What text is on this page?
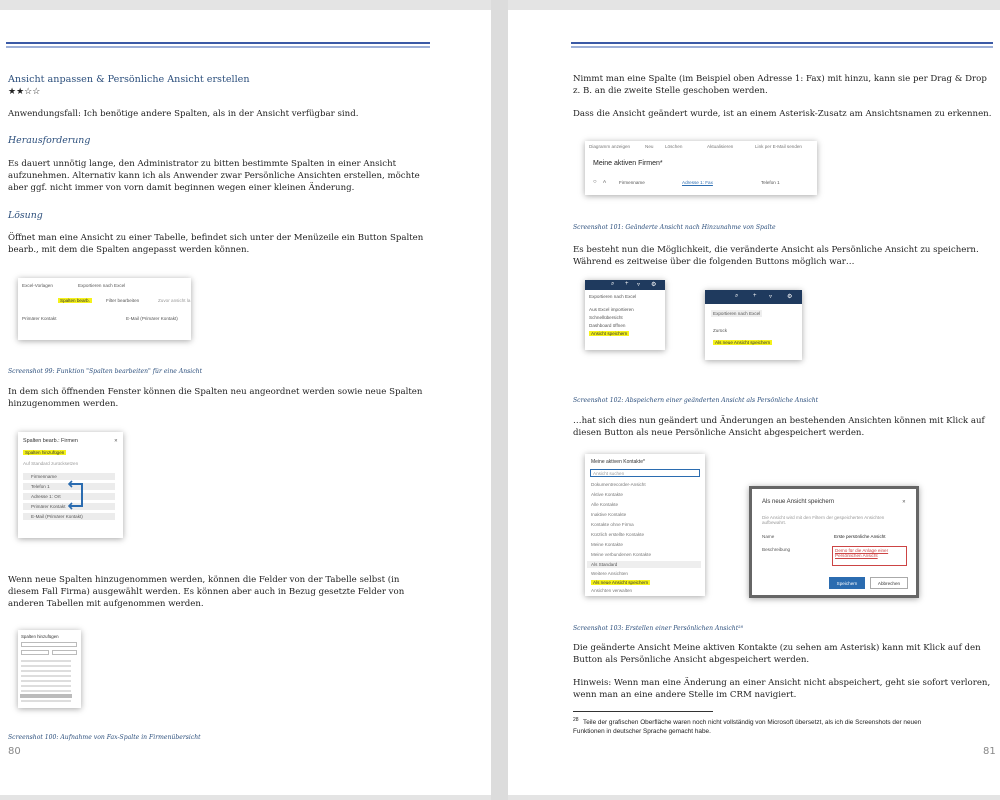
Ansicht anpassen & Persönliche Ansicht erstellen
★★☆☆
Anwendungsfall: Ich benötige andere Spalten, als in der Ansicht verfügbar sind.
Herausforderung
Es dauert unnötig lange, den Administrator zu bitten bestimmte Spalten in einer Ansicht
aufzunehmen. Alternativ kann ich als Anwender zwar Persönliche Ansichten erstellen, möchte
aber ggf. nicht immer von vorn damit beginnen wegen einer kleinen Änderung.
Lösung
Öffnet man eine Ansicht zu einer Tabelle, befindet sich unter der Menüzeile ein Button Spalten
bearb., mit dem die Spalten angepasst werden können.
Excel-Vorlagen	Exportieren nach Excel
Spalten bearb.	Filter bearbeiten	Zuvor ansicht la
Primärer Kontakt	E-Mail (Primärer Kontakt)
Screenshot 99: Funktion "Spalten bearbeiten" für eine Ansicht
In dem sich öffnenden Fenster können die Spalten neu angeordnet werden sowie neue Spalten
hinzugenommen werden.
Spalten bearb.: Firmen	✕
Spalten hinzufügen
Auf Standard zurücksetzen
Firmenname
Telefon 1
Adresse 1: Ort
Primärer Kontakt
E-Mail (Primärer Kontakt)
Wenn neue Spalten hinzugenommen werden, können die Felder von der Tabelle selbst (in
diesem Fall Firma) ausgewählt werden. Es können aber auch in Bezug gesetzte Felder von
anderen Tabellen mit aufgenommen werden.
Spalten hinzufügen
Screenshot 100: Aufnahme von Fax-Spalte in Firmenübersicht
80
Nimmt man eine Spalte (im Beispiel oben Adresse 1: Fax) mit hinzu, kann sie per Drag & Drop
z. B. an die zweite Stelle geschoben werden.
Dass die Ansicht geändert wurde, ist an einem Asterisk-Zusatz am Ansichtsnamen zu erkennen.
Diagramm anzeigen	Neu	Löschen	Aktualisieren	Link per E-Mail senden
Meine aktiven Firmen*
○ A	Firmenname	Adresse 1: Fax	Telefon 1
Screenshot 101: Geänderte Ansicht nach Hinzunahme von Spalte
Es besteht nun die Möglichkeit, die veränderte Ansicht als Persönliche Ansicht zu speichern.
Während es zeitweise über die folgenden Buttons möglich war…
⌕ + ▿ ⚙
Exportieren nach Excel
Aus Excel importieren
Schnellübersicht
Dashboard öffnen
Ansicht speichern
⌕ + ▿ ⚙
Exportieren nach Excel
Zurück
Als neue Ansicht speichern
Screenshot 102: Abspeichern einer geänderten Ansicht als Persönliche Ansicht
…hat sich dies nun geändert und Änderungen an bestehenden Ansichten können mit Klick auf
diesen Button als neue Persönliche Ansicht abgespeichert werden.
Meine aktiven Kontakte*
Ansicht suchen
Dokumentrecorder-Ansicht
Aktive Kontakte
Alle Kontakte
Inaktive Kontakte
Kontakte ohne Firma
Kürzlich erstellte Kontakte
Meine Kontakte
Meine verbundenen Kontakte
Als Standard
Weitere Ansichten
Als neue Ansicht speichern
Ansichten verwalten
Als neue Ansicht speichern	✕
Die Ansicht wird mit den Filtern der gespeicherten Ansichten aufbewahrt.
Name	Erste persönliche Ansicht
Beschreibung	Demo für die Anlage einer Persönlichen Ansicht
Speichern	Abbrechen
Screenshot 103: Erstellen einer Persönlichen Ansicht²⁸
Die geänderte Ansicht Meine aktiven Kontakte (zu sehen am Asterisk) kann mit Klick auf den
Button als Persönliche Ansicht abgespeichert werden.
Hinweis: Wenn man eine Änderung an einer Ansicht nicht abspeichert, geht sie sofort verloren,
wenn man an eine andere Stelle im CRM navigiert.
28 Teile der grafischen Oberfläche waren noch nicht vollständig von Microsoft übersetzt, als ich die Screenshots der neuen
Funktionen in deutscher Sprache gemacht habe.
81
